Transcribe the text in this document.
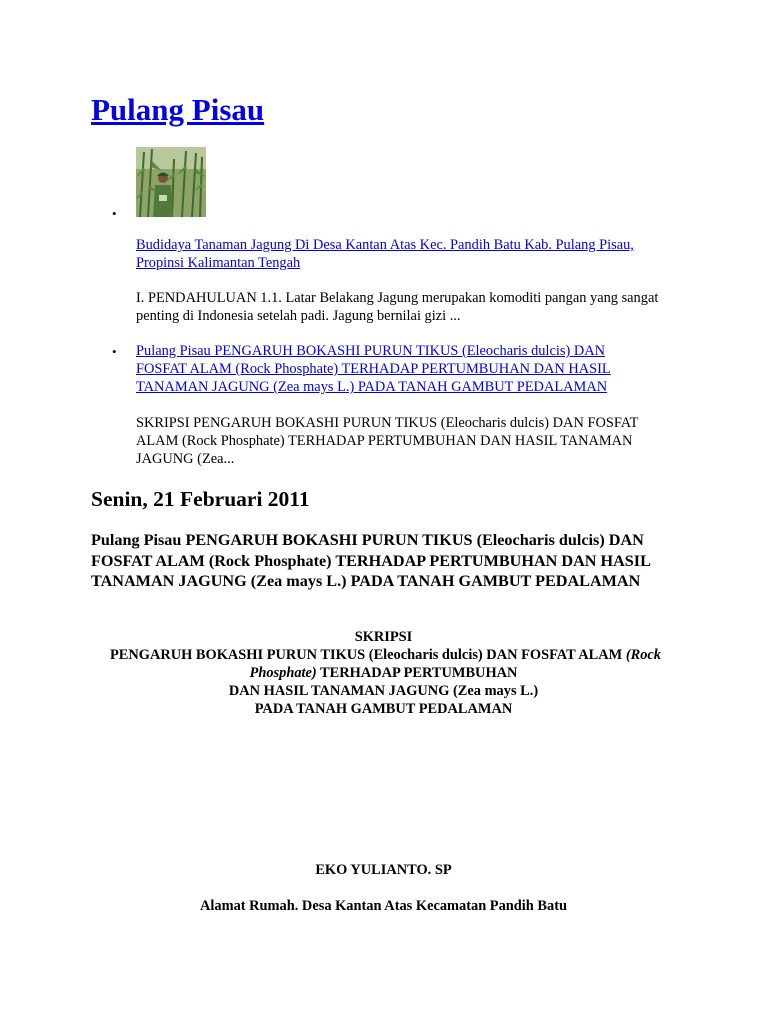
Pulang Pisau
•
Budidaya Tanaman Jagung Di Desa Kantan Atas Kec. Pandih Batu Kab. Pulang Pisau,
Propinsi Kalimantan Tengah
I. PENDAHULUAN 1.1. Latar Belakang Jagung merupakan komoditi pangan yang sangat penting di Indonesia setelah padi. Jagung bernilai gizi ...
• Pulang Pisau PENGARUH BOKASHI PURUN TIKUS (Eleocharis dulcis) DAN
FOSFAT ALAM (Rock Phosphate) TERHADAP PERTUMBUHAN DAN HASIL
TANAMAN JAGUNG (Zea mays L.) PADA TANAH GAMBUT PEDALAMAN
SKRIPSI PENGARUH BOKASHI PURUN TIKUS (Eleocharis dulcis) DAN FOSFAT ALAM (Rock Phosphate) TERHADAP PERTUMBUHAN DAN HASIL TANAMAN JAGUNG (Zea...
Senin, 21 Februari 2011
Pulang Pisau PENGARUH BOKASHI PURUN TIKUS (Eleocharis dulcis) DAN FOSFAT ALAM (Rock Phosphate) TERHADAP PERTUMBUHAN DAN HASIL TANAMAN JAGUNG (Zea mays L.) PADA TANAH GAMBUT PEDALAMAN
SKRIPSI
PENGARUH BOKASHI PURUN TIKUS (Eleocharis dulcis) DAN FOSFAT ALAM (Rock
Phosphate) TERHADAP PERTUMBUHAN
DAN HASIL TANAMAN JAGUNG (Zea mays L.)
PADA TANAH GAMBUT PEDALAMAN
EKO YULIANTO. SP
Alamat Rumah. Desa Kantan Atas Kecamatan Pandih Batu
